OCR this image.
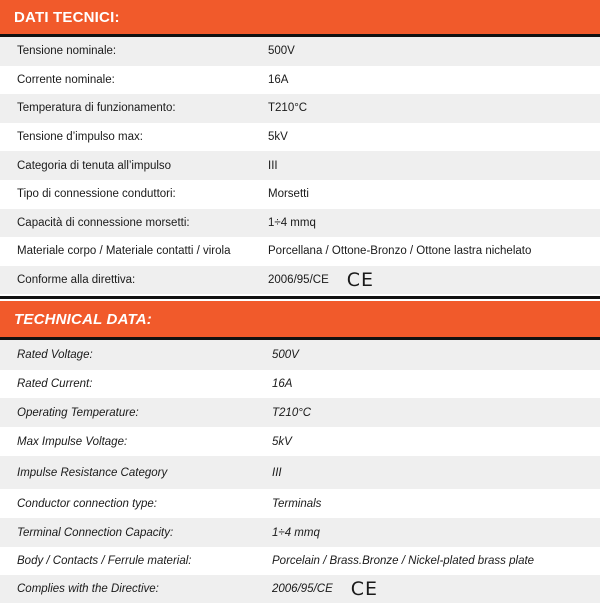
DATI TECNICI:
Tensione nominale:	500V
Corrente nominale:	16A
Temperatura di funzionamento:	T210°C
Tensione d’impulso max:	5kV
Categoria di tenuta all’impulso	III
Tipo di connessione conduttori:	Morsetti
Capacità di connessione morsetti:	1÷4 mmq
Materiale corpo / Materiale contatti / virola	Porcellana / Ottone-Bronzo / Ottone lastra nichelato
Conforme alla direttiva:	2006/95/CE CE
TECHNICAL DATA:
Rated Voltage:	500V
Rated Current:	16A
Operating Temperature:	T210°C
Max Impulse Voltage:	5kV
Impulse Resistance Category	III
Conductor connection type:	Terminals
Terminal Connection Capacity:	1÷4 mmq
Body / Contacts / Ferrule material:	Porcelain / Brass.Bronze / Nickel-plated brass plate
Complies with the Directive:	2006/95/CE CE
